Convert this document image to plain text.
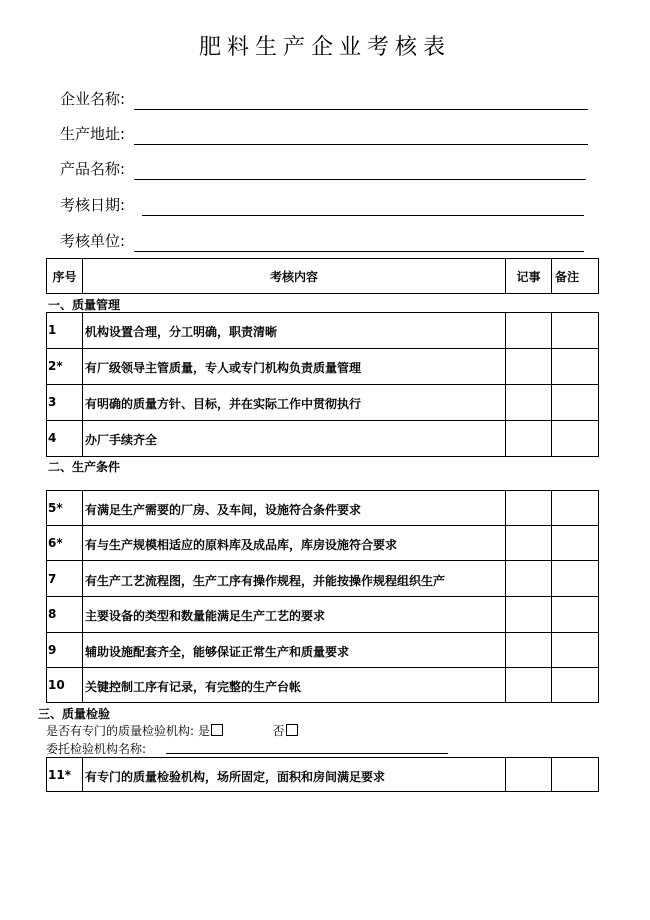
肥料生产企业考核表
企业名称:
生产地址:
产品名称:
考核日期:
考核单位:
序号	考核内容	记事	备注
一、质量管理
1 机构设置合理，分工明确，职责清晰
2* 有厂级领导主管质量，专人或专门机构负责质量管理
3 有明确的质量方针、目标，并在实际工作中贯彻执行
4 办厂手续齐全
二、生产条件
5* 有满足生产需要的厂房、及车间，设施符合条件要求
6* 有与生产规模相适应的原料库及成品库，库房设施符合要求
7 有生产工艺流程图，生产工序有操作规程，并能按操作规程组织生产
8 主要设备的类型和数量能满足生产工艺的要求
9 辅助设施配套齐全，能够保证正常生产和质量要求
10 关键控制工序有记录，有完整的生产台帐
三、质量检验
是否有专门的质量检验机构: 是	否
委托检验机构名称:
11* 有专门的质量检验机构，场所固定，面积和房间满足要求
